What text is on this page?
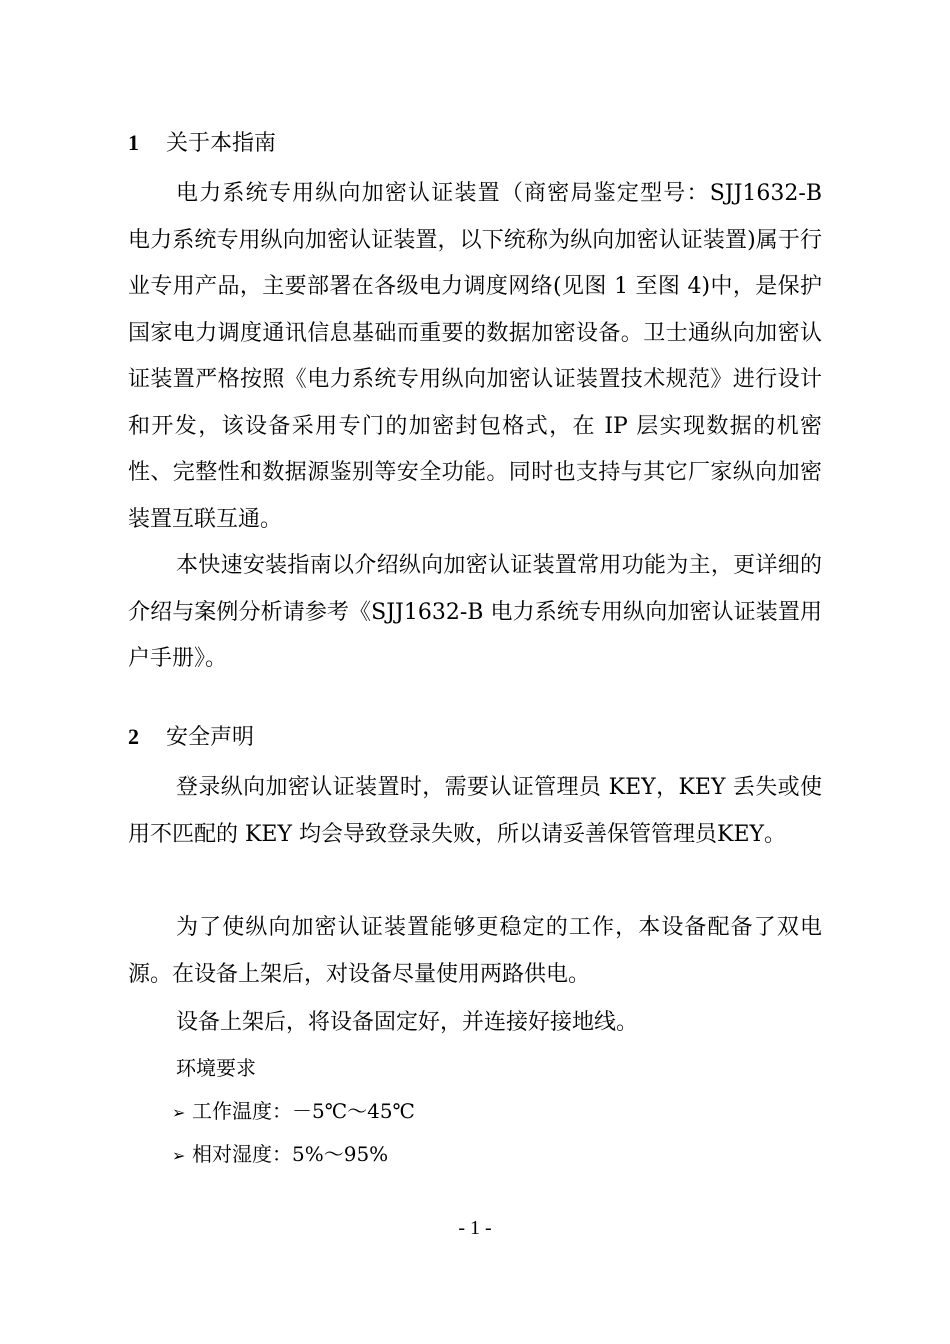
1 关于本指南

电力系统专用纵向加密认证装置（商密局鉴定型号：SJJ1632-B 电力系统专用纵向加密认证装置，以下统称为纵向加密认证装置)属于行业专用产品，主要部署在各级电力调度网络(见图 1 至图 4)中，是保护国家电力调度通讯信息基础而重要的数据加密设备。卫士通纵向加密认证装置严格按照《电力系统专用纵向加密认证装置技术规范》进行设计和开发，该设备采用专门的加密封包格式，在 IP 层实现数据的机密性、完整性和数据源鉴别等安全功能。同时也支持与其它厂家纵向加密装置互联互通。

本快速安装指南以介绍纵向加密认证装置常用功能为主，更详细的介绍与案例分析请参考《SJJ1632-B 电力系统专用纵向加密认证装置用户手册》。

2 安全声明

登录纵向加密认证装置时，需要认证管理员 KEY，KEY 丢失或使用不匹配的 KEY 均会导致登录失败，所以请妥善保管管理员KEY。

为了使纵向加密认证装置能够更稳定的工作，本设备配备了双电源。在设备上架后，对设备尽量使用两路供电。

设备上架后，将设备固定好，并连接好接地线。
环境要求
➢ 工作温度：－5℃～45℃
➢ 相对湿度：5%～95%
- 1 -
